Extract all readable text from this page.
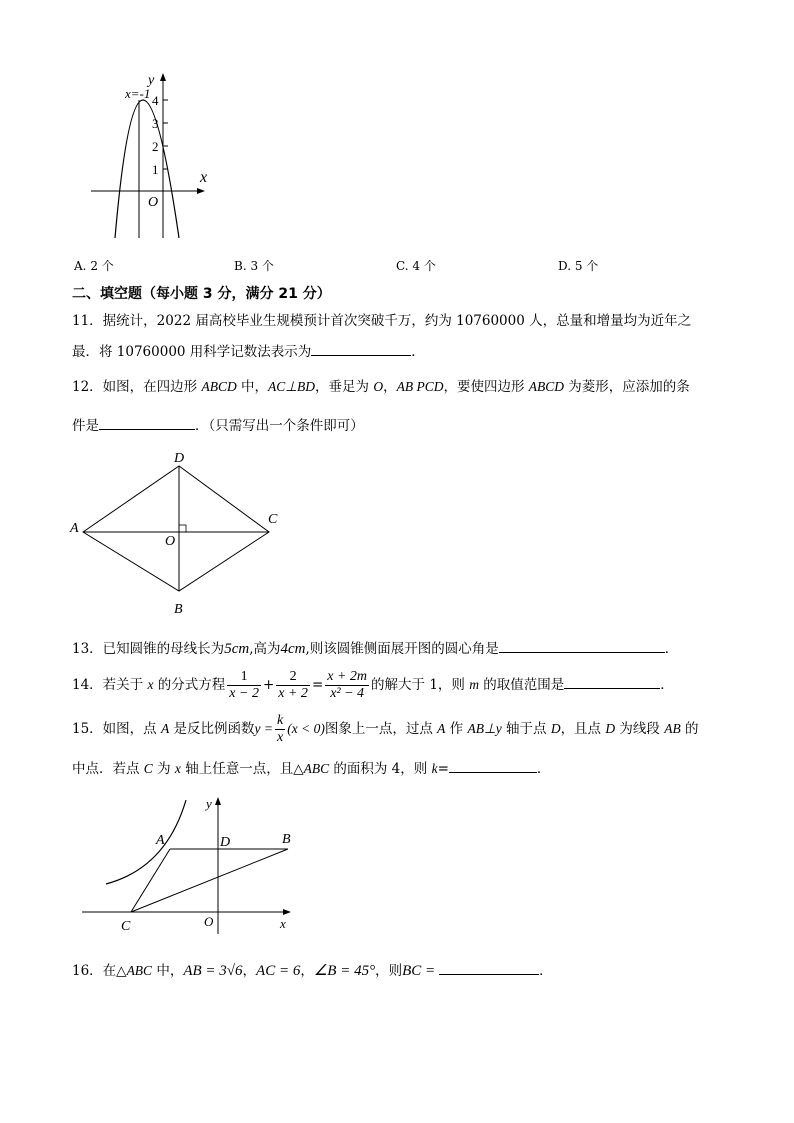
y
x
O
x=-1 4
3
2
1
A. 2 个	B. 3 个	C. 4 个	D. 5 个
二、填空题（每小题 3 分，满分 21 分）
11．据统计，2022 届高校毕业生规模预计首次突破千万，约为 10760000 人，总量和增量均为近年之
最．将 10760000 用科学记数法表示为	．
12．如图，在四边形 ABCD 中，AC⊥BD，垂足为 O，AB PCD，要使四边形 ABCD 为菱形，应添加的条
件是	．（只需写出一个条件即可）
D
A
C
O
B
13．已知圆锥的母线长为5cm,高为4cm,则该圆锥侧面展开图的圆心角是	．
14．若关于 x 的分式方程 $\frac{1}{x - 2} + \frac{2}{x + 2} = \frac{x + 2m}{\text{x² − 4}}$ 的解大于 1，则 m 的取值范围是	．
15．如图，点 A 是反比例函数$y = \frac{k}{x} (x < 0)$图象上一点，过点 A 作 AB⊥y 轴于点 D，且点 D 为线段 AB 的
中点．若点 C 为 x 轴上任意一点，且△ABC 的面积为 4，则 k=	．
y
A	D	B
C	O	x
16．在△ABC 中，AB = 3√6，AC = 6，∠B = 45°，则BC =	．
